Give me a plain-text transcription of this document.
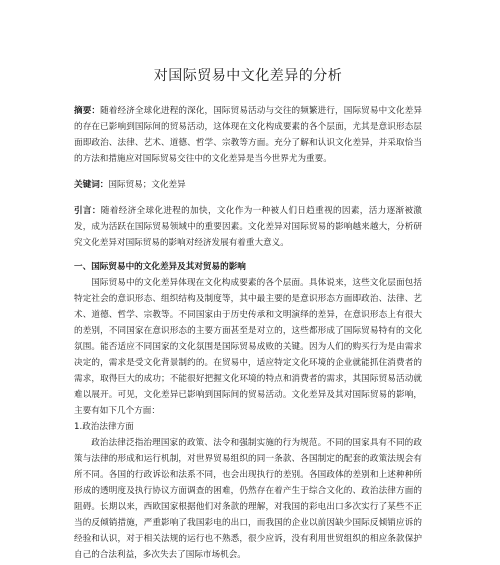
对国际贸易中文化差异的分析

摘要：随着经济全球化进程的深化，国际贸易活动与交往的频繁进行，国际贸易中文化差异的存在已影响到国际间的贸易活动，这体现在文化构成要素的各个层面，尤其是意识形态层面即政治、法律、艺术、道德、哲学、宗教等方面。充分了解和认识文化差异，并采取恰当的方法和措施应对国际贸易交往中的文化差异是当今世界尤为重要。

关键词：国际贸易；文化差异

引言：随着经济全球化进程的加快，文化作为一种被人们日趋重视的因素，活力逐渐被激发，成为活跃在国际贸易领域中的重要因素。文化差异对国际贸易的影响越来越大，分析研究文化差异对国际贸易的影响对经济发展有着重大意义。

一、国际贸易中的文化差异及其对贸易的影响

国际贸易中的文化差异体现在文化构成要素的各个层面。具体说来，这些文化层面包括特定社会的意识形态、组织结构及制度等，其中最主要的是意识形态方面即政治、法律、艺术、道德、哲学、宗教等。不同国家由于历史传承和文明演绎的差异，在意识形态上有很大的差别，不同国家在意识形态的主要方面甚至是对立的，这些都形成了国际贸易特有的文化氛围。能否适应不同国家的文化氛围是国际贸易成败的关键。因为人们的购买行为是由需求决定的，需求是受文化背景制约的。在贸易中，适应特定文化环境的企业就能抓住消费者的需求，取得巨大的成功；不能很好把握文化环境的特点和消费者的需求，其国际贸易活动就难以展开。可见，文化差异已影响到国际间的贸易活动。文化差异及其对国际贸易的影响，主要有如下几个方面：

1.政治法律方面

政治法律泛指治理国家的政策、法令和强制实施的行为规范。不同的国家具有不同的政策与法律的形成和运行机制，对世界贸易组织的同一条款、各国制定的配套的政策法规会有所不同。各国的行政诉讼和法系不同，也会出现执行的差别。各国政体的差别和上述种种所形成的透明度及执行协议方面调查的困难，仍然存在着产生于综合文化的、政治法律方面的阻碍。长期以来，西欧国家根据他们对条款的理解，对我国的彩电出口多次实行了某些不正当的反倾销措施，严重影响了我国彩电的出口，而我国的企业以前因缺少国际反倾销应诉的经验和认识，对于相关法规的运行也不熟悉，很少应诉，没有利用世贸组织的相应条款保护自己的合法利益，多次失去了国际市场机会。
